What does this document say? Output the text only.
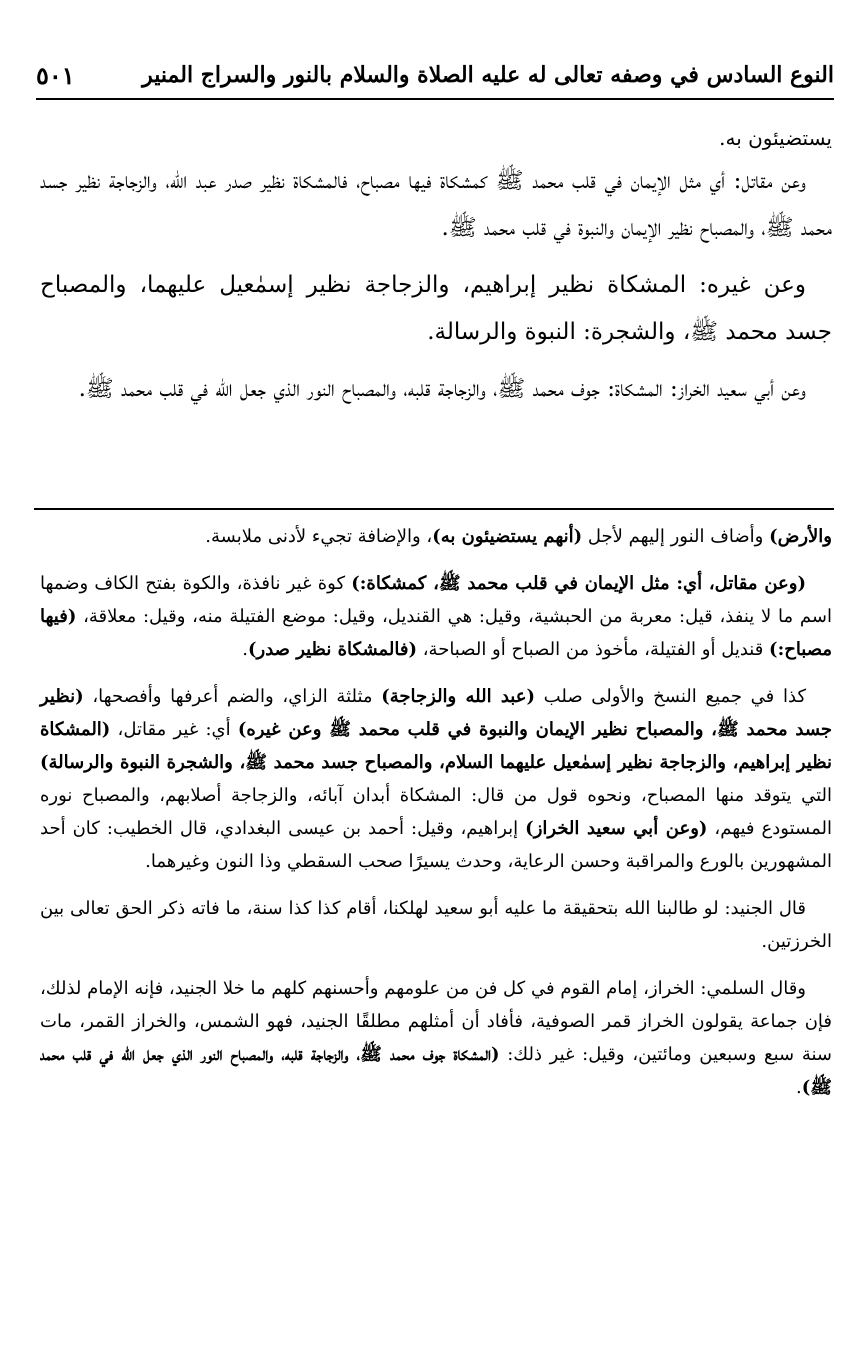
النوع السادس في وصفه تعالى له عليه الصلاة والسلام بالنور والسراج المنير
٥٠١

يستضيئون به.

وعن مقاتل: أي مثل الإيمان في قلب محمد ﷺ كمشكاة فيها مصباح، فالمشكاة نظير صدر عبد الله، والزجاجة نظير جسد محمد ﷺ، والمصباح نظير الإيمان والنبوة في قلب محمد ﷺ.

وعن غيره: المشكاة نظير إبراهيم، والزجاجة نظير إسمٰعيل عليهما، والمصباح جسد محمد ﷺ، والشجرة: النبوة والرسالة.

وعن أبي سعيد الخراز: المشكاة: جوف محمد ﷺ، والزجاجة قلبه، والمصباح النور الذي جعل الله في قلب محمد ﷺ.

والأرض) وأضاف النور إليهم لأجل (أنهم يستضيئون به)، والإضافة تجيء لأدنى ملابسة.

(وعن مقاتل، أي: مثل الإيمان في قلب محمد ﷺ، كمشكاة:) كوة غير نافذة، والكوة بفتح الكاف وضمها اسم ما لا ينفذ، قيل: معربة من الحبشية، وقيل: هي القنديل، وقيل: موضع الفتيلة منه، وقيل: معلاقة، (فيها مصباح:) قنديل أو الفتيلة، مأخوذ من الصباح أو الصباحة، (فالمشكاة نظير صدر).

كذا في جميع النسخ والأولى صلب (عبد الله والزجاجة) مثلثة الزاي، والضم أعرفها وأفصحها، (نظير جسد محمد ﷺ، والمصباح نظير الإيمان والنبوة في قلب محمد ﷺ وعن غيره) أي: غير مقاتل، (المشكاة نظير إبراهيم، والزجاجة نظير إسمٰعيل عليهما السلام، والمصباح جسد محمد ﷺ، والشجرة النبوة والرسالة) التي يتوقد منها المصباح، ونحوه قول من قال: المشكاة أبدان آبائه، والزجاجة أصلابهم، والمصباح نوره المستودع فيهم، (وعن أبي سعيد الخراز) إبراهيم، وقيل: أحمد بن عيسى البغدادي، قال الخطيب: كان أحد المشهورين بالورع والمراقبة وحسن الرعاية، وحدث يسيرًا صحب السقطي وذا النون وغيرهما.

قال الجنيد: لو طالبنا الله بتحقيقة ما عليه أبو سعيد لهلكنا، أقام كذا كذا سنة، ما فاته ذكر الحق تعالى بين الخرزتين.

وقال السلمي: الخراز، إمام القوم في كل فن من علومهم وأحسنهم كلهم ما خلا الجنيد، فإنه الإمام لذلك، فإن جماعة يقولون الخراز قمر الصوفية، فأفاد أن أمثلهم مطلقًا الجنيد، فهو الشمس، والخراز القمر، مات سنة سبع وسبعين ومائتين، وقيل: غير ذلك: (المشكاة جوف محمد ﷺ، والزجاجة قلبه، والمصباح النور الذي جعل الله في قلب محمد ﷺ).
